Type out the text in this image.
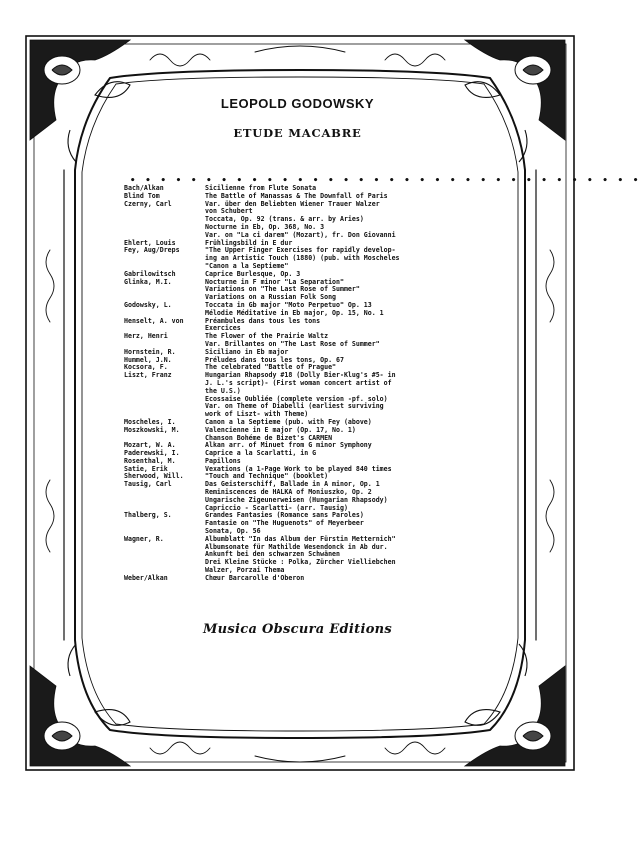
LEOPOLD GODOWSKY
ETUDE MACABRE
• • • • • • • • • • • • • • • • • • • • • • • • • • • • • • • • • •
Bach/Alkan	Sicilienne from Flute Sonata
Blind Tom	The Battle of Manassas & The Downfall of Paris
Czerny, Carl	Var. über den Beliebten Wiener Trauer Walzer
von Schubert
Toccata, Op. 92 (trans. & arr. by Aries)
Nocturne in Eb, Op. 368, No. 3
Var. on "La ci darem" (Mozart), fr. Don Giovanni
Ehlert, Louis	Frühlingsbild in E dur
Fey, Aug/Dreps	"The Upper Finger Exercises for rapidly develop-
ing an Artistic Touch (1880) (pub. with Moscheles
"Canon a la Septieme"
Gabrilowitsch	Caprice Burlesque, Op. 3
Glinka, M.I.	Nocturne in F minor "La Separation"
Variations on "The Last Rose of Summer"
Variations on a Russian Folk Song
Godowsky, L.	Toccata in Gb major "Moto Perpetuo" Op. 13
Mélodie Méditative in Eb major, Op. 15, No. 1
Henselt, A. von	Préambules dans tous les tons
Exercices
Herz, Henri	The Flower of the Prairie Waltz
Var. Brillantes on "The Last Rose of Summer"
Hornstein, R.	Siciliano in Eb major
Hummel, J.N.	Préludes dans tous les tons, Op. 67
Kocsora, F.	The celebrated "Battle of Prague"
Liszt, Franz	Hungarian Rhapsody #18 (Dolly Bier-Klug's #5- in
J. L.'s script)- (First woman concert artist of
the U.S.)
Ecossaise Oubliée (complete version -pf. solo)
Var. on Theme of Diabelli (earliest surviving
work of Liszt- with Theme)
Moscheles, I.	Canon a la Septieme (pub. with Fey (above)
Moszkowski, M.	Valencienne in E major (Op. 17, No. 1)
Chanson Bohéme de Bizet's CARMEN
Mozart, W. A.	Alkan arr. of Minuet from G minor Symphony
Paderewski, I.	Caprice a la Scarlatti, in G
Rosenthal, M.	Papillons
Satie, Erik	Vexations (a 1-Page Work to be played 840 times
Sherwood, Will.	"Touch and Technique" (booklet)
Tausig, Carl	Das Geisterschiff, Ballade in A minor, Op. 1
Reminiscences de HALKA of Moniuszko, Op. 2
Ungarische Zigeunerweisen (Hungarian Rhapsody)
Capriccio - Scarlatti- (arr. Tausig)
Thalberg, S.	Grandes Fantasies (Romance sans Paroles)
Fantasie on "The Huguenots" of Meyerbeer
Sonata, Op. 56
Wagner, R.	Albumblatt "In das Album der Fürstin Metternich"
Albumsonate für Mathilde Wesendonck in Ab dur.
Ankunft bei den schwarzen Schwänen
Drei Kleine Stücke : Polka, Zürcher Vielliebchen
Walzer, Porzai Thema
Weber/Alkan	Chœur Barcarolle d'Oberon
Musica Obscura Editions
